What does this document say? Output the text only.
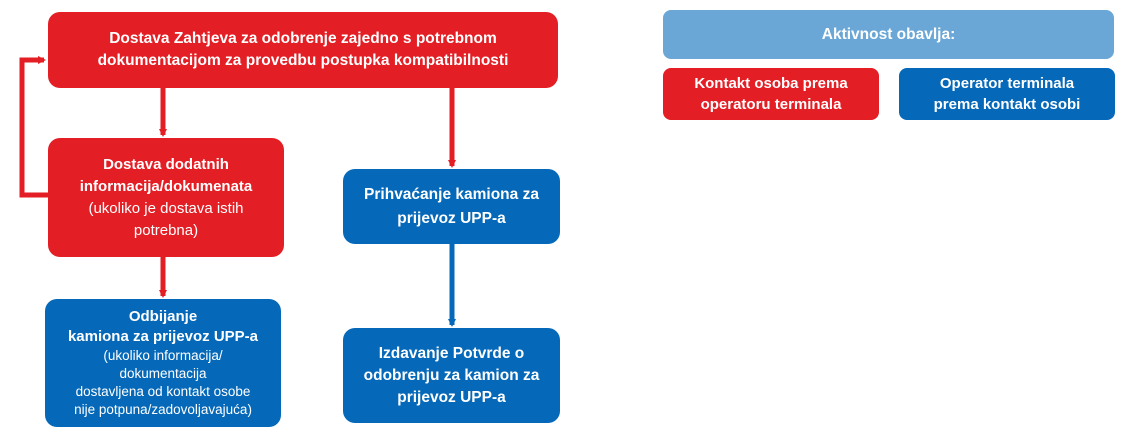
Dostava Zahtjeva za odobrenje zajedno s potrebnom
dokumentacijom za provedbu postupka kompatibilnosti
Dostava dodatnih
informacija/dokumenata
(ukoliko je dostava istih
potrebna)
Prihvaćanje kamiona za
prijevoz UPP-a
Odbijanje
kamiona za prijevoz UPP-a
(ukoliko informacija/
dokumentacija
dostavljena od kontakt osobe
nije potpuna/zadovoljavajuća)
Izdavanje Potvrde o
odobrenju za kamion za
prijevoz UPP-a
Aktivnost obavlja:
Kontakt osoba prema
operatoru terminala
Operator terminala
prema kontakt osobi
